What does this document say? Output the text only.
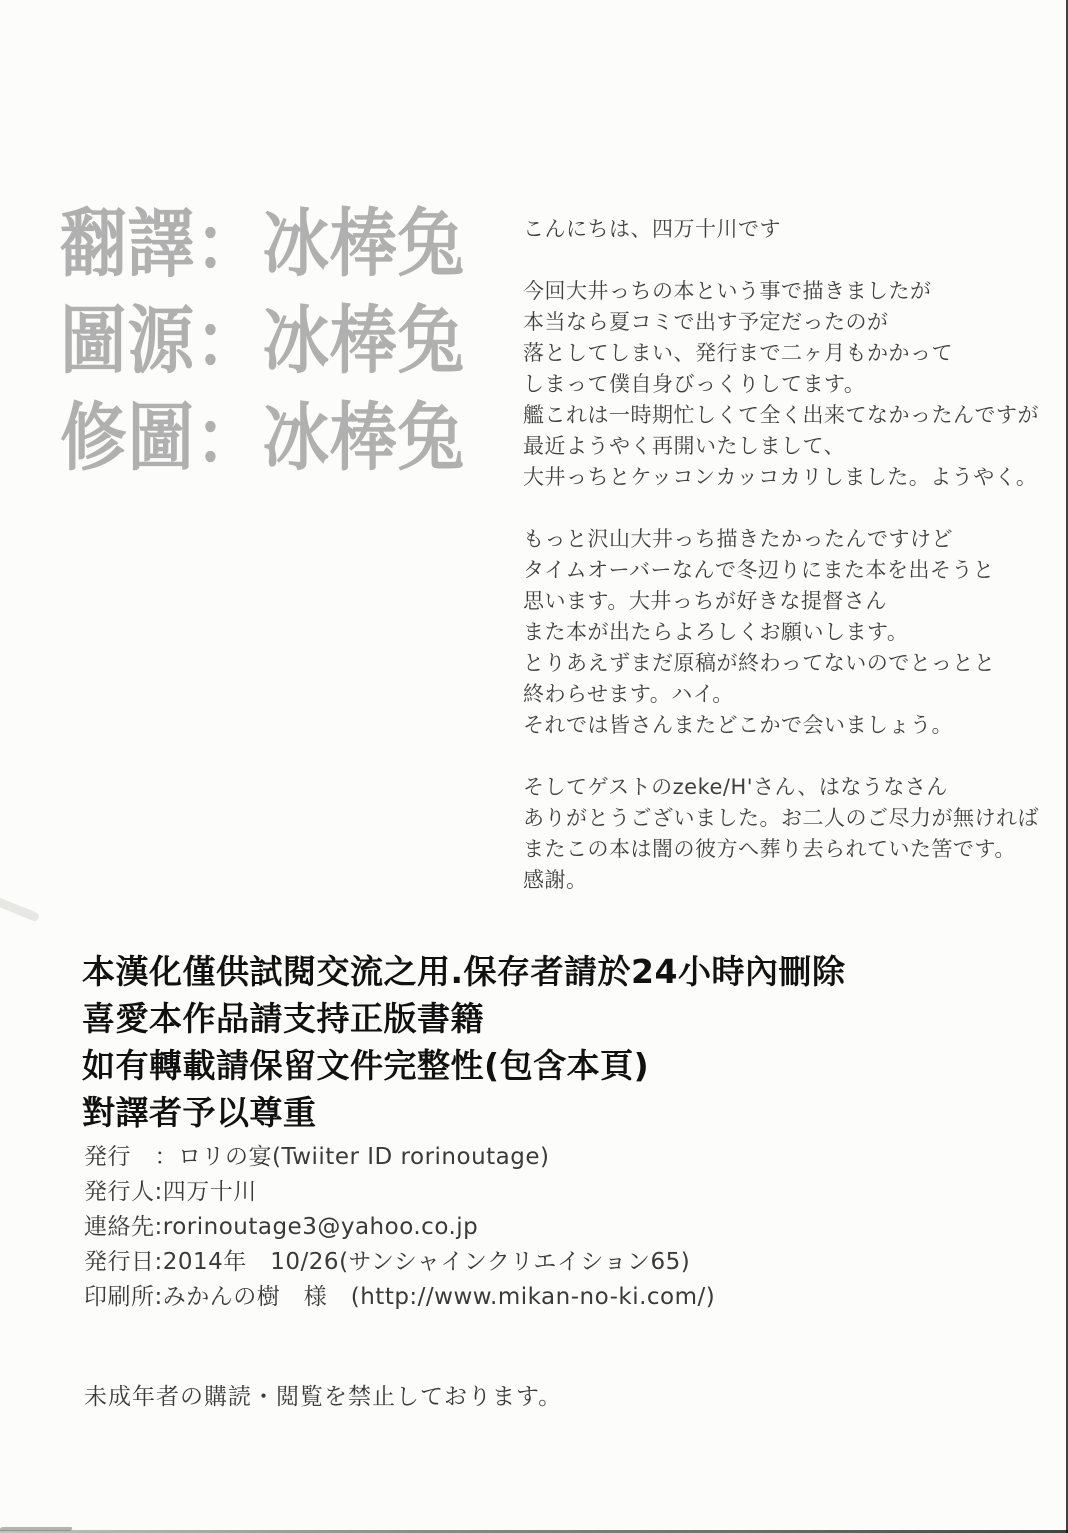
翻譯：冰棒兔
圖源：冰棒兔
修圖：冰棒兔
こんにちは、四万十川です
今回大井っちの本という事で描きましたが
本当なら夏コミで出す予定だったのが
落としてしまい、発行まで二ヶ月もかかって
しまって僕自身びっくりしてます。
艦これは一時期忙しくて全く出来てなかったんですが
最近ようやく再開いたしまして、
大井っちとケッコンカッコカリしました。ようやく。
もっと沢山大井っち描きたかったんですけど
タイムオーバーなんで冬辺りにまた本を出そうと
思います。大井っちが好きな提督さん
また本が出たらよろしくお願いします。
とりあえずまだ原稿が終わってないのでとっとと
終わらせます。ハイ。
それでは皆さんまたどこかで会いましょう。
そしてゲストのzeke/H'さん、はなうなさん
ありがとうございました。お二人のご尽力が無ければ
またこの本は闇の彼方へ葬り去られていた筈です。
感謝。
本漢化僅供試閱交流之用.保存者請於24小時內刪除
喜愛本作品請支持正版書籍
如有轉載請保留文件完整性(包含本頁)
對譯者予以尊重
発行　：ロリの宴(Twiiter ID rorinoutage)
発行人:四万十川
連絡先:rorinoutage3@yahoo.co.jp
発行日:2014年　10/26(サンシャインクリエイション65)
印刷所:みかんの樹　様　(http://www.mikan-no-ki.com/)
未成年者の購読・閲覧を禁止しております。
